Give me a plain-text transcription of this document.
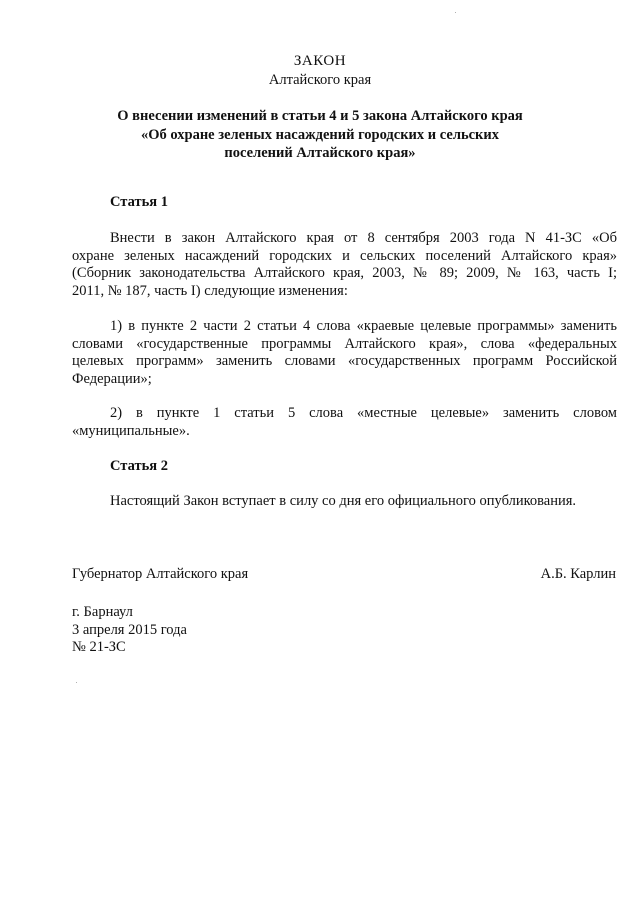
ЗАКОН
Алтайского края
О внесении изменений в статьи 4 и 5 закона Алтайского края
«Об охране зеленых насаждений городских и сельских
поселений Алтайского края»
Статья 1
Внести в закон Алтайского края от 8 сентября 2003 года N 41-ЗС «Об
охране зеленых насаждений городских и сельских поселений Алтайского края»
(Сборник законодательства Алтайского края, 2003, № 89; 2009, № 163, часть I;
2011, № 187, часть I) следующие изменения:
1) в пункте 2 части 2 статьи 4 слова «краевые целевые программы» заменить
словами «государственные программы Алтайского края», слова «федеральных
целевых программ» заменить словами «государственных программ Российской
Федерации»;
2) в пункте 1 статьи 5 слова «местные целевые» заменить словом
«муниципальные».
Статья 2
Настоящий Закон вступает в силу со дня его официального опубликования.
Губернатор Алтайского края	А.Б. Карлин
г. Барнаул
3 апреля 2015 года
№ 21-ЗС
